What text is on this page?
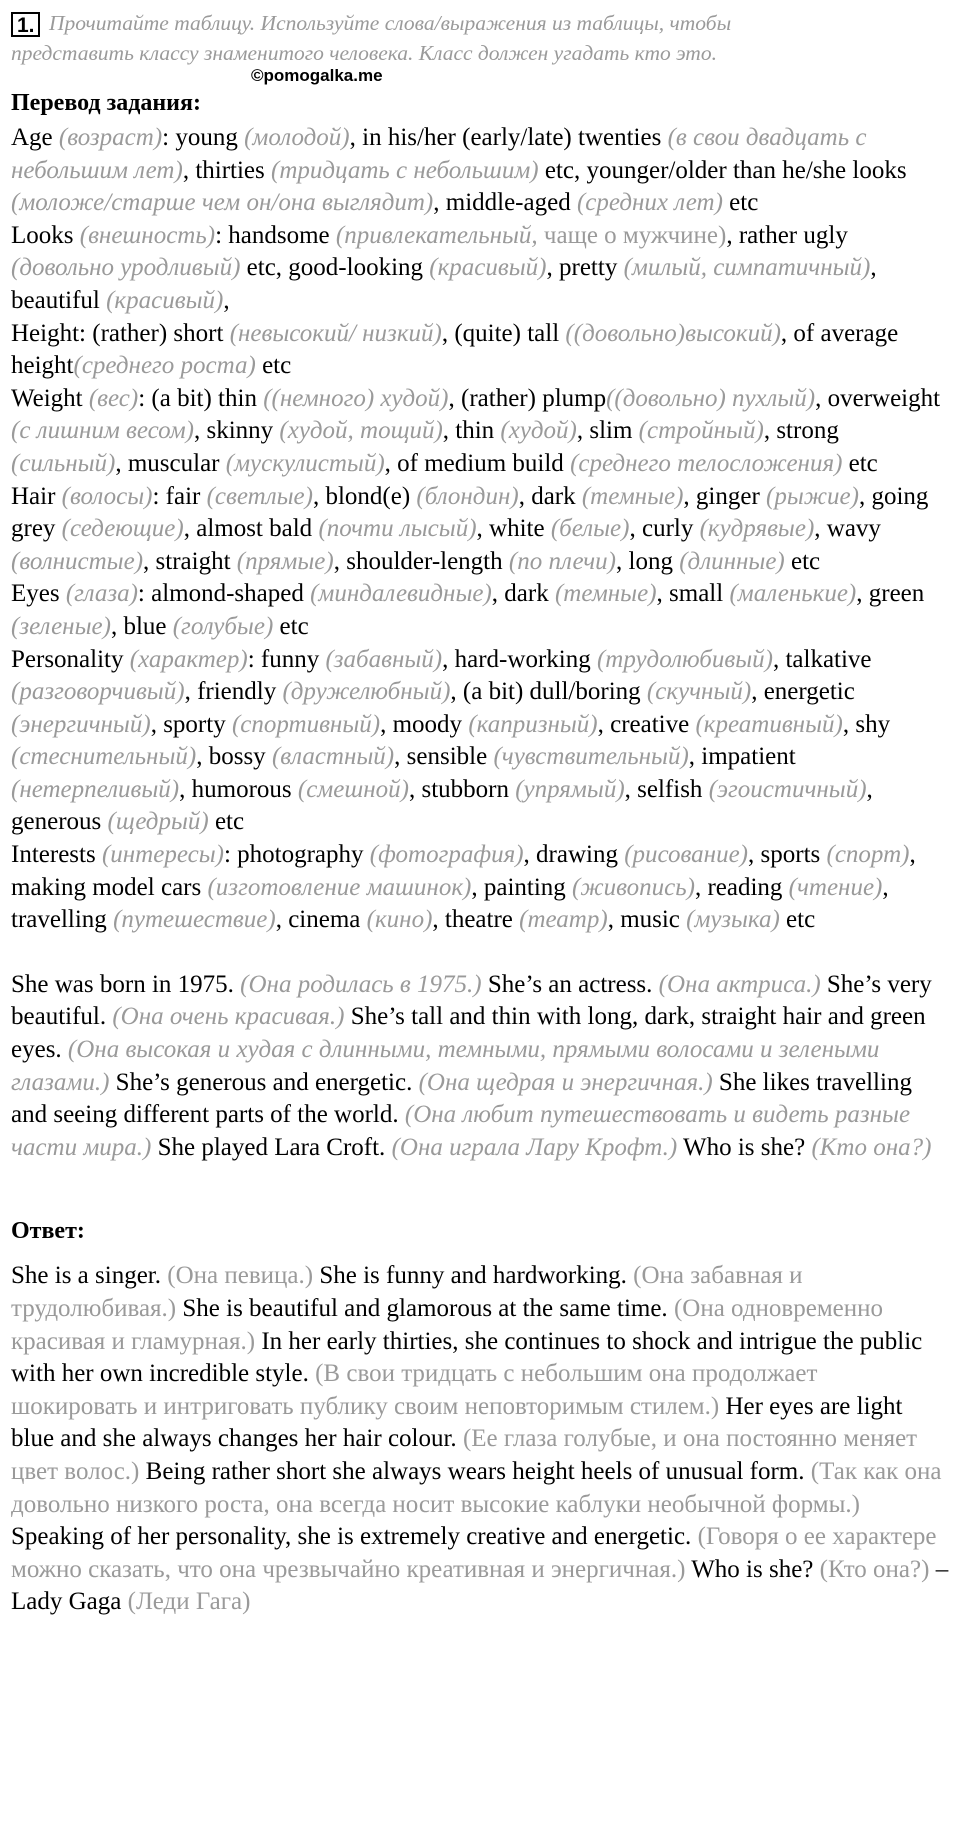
1. Прочитайте таблицу. Используйте слова/выражения из таблицы, чтобы
представить классу знаменитого человека. Класс должен угадать кто это.

©pomogalka.me

Перевод задания:

Age (возраст): young (молодой), in his/her (early/late) twenties (в свои двадцать с небольшим лет), thirties (тридцать с небольшим) etc, younger/older than he/she looks (моложе/старше чем он/она выглядит), middle-aged (средних лет) etc

Looks (внешность): handsome (привлекательный, чаще о мужчине), rather ugly (довольно уродливый) etc, good-looking (красивый), pretty (милый, симпатичный), beautiful (красивый),

Height: (rather) short (невысокий/ низкий), (quite) tall ((довольно)высокий), of average height(среднего роста) etc

Weight (вес): (a bit) thin ((немного) худой), (rather) plump((довольно) пухлый), overweight (с лишним весом), skinny (худой, тощий), thin (худой), slim (стройный), strong (сильный), muscular (мускулистый), of medium build (среднего телосложения) etc

Hair (волосы): fair (светлые), blond(e) (блондин), dark (темные), ginger (рыжие), going grey (седеющие), almost bald (почти лысый), white (белые), curly (кудрявые), wavy (волнистые), straight (прямые), shoulder-length (по плечи), long (длинные) etc

Eyes (глаза): almond-shaped (миндалевидные), dark (темные), small (маленькие), green (зеленые), blue (голубые) etc

Personality (характер): funny (забавный), hard-working (трудолюбивый), talkative (разговорчивый), friendly (дружелюбный), (a bit) dull/boring (скучный), energetic (энергичный), sporty (спортивный), moody (капризный), creative (креативный), shy (стеснительный), bossy (властный), sensible (чувствительный), impatient (нетерпеливый), humorous (смешной), stubborn (упрямый), selfish (эгоистичный), generous (щедрый) etc

Interests (интересы): photography (фотография), drawing (рисование), sports (спорт), making model cars (изготовление машинок), painting (живопись), reading (чтение), travelling (путешествие), cinema (кино), theatre (театр), music (музыка) etc

She was born in 1975. (Она родилась в 1975.) She’s an actress. (Она актриса.) She’s very beautiful. (Она очень красивая.) She’s tall and thin with long, dark, straight hair and green eyes. (Она высокая и худая с длинными, темными, прямыми волосами и зелеными глазами.) She’s generous and energetic. (Она щедрая и энергичная.) She likes travelling and seeing different parts of the world. (Она любит путешествовать и видеть разные части мира.) She played Lara Croft. (Она играла Лару Крофт.) Who is she? (Кто она?)

Ответ:

She is a singer. (Она певица.) She is funny and hardworking. (Она забавная и трудолюбивая.) She is beautiful and glamorous at the same time. (Она одновременно красивая и гламурная.) In her early thirties, she continues to shock and intrigue the public with her own incredible style. (В свои тридцать с небольшим она продолжает шокировать и интриговать публику своим неповторимым стилем.) Her eyes are light blue and she always changes her hair colour. (Ее глаза голубые, и она постоянно меняет цвет волос.) Being rather short she always wears height heels of unusual form. (Так как она довольно низкого роста, она всегда носит высокие каблуки необычной формы.) Speaking of her personality, she is extremely creative and energetic. (Говоря о ее характере можно сказать, что она чрезвычайно креативная и энергичная.) Who is she? (Кто она?) – Lady Gaga (Леди Гага)
